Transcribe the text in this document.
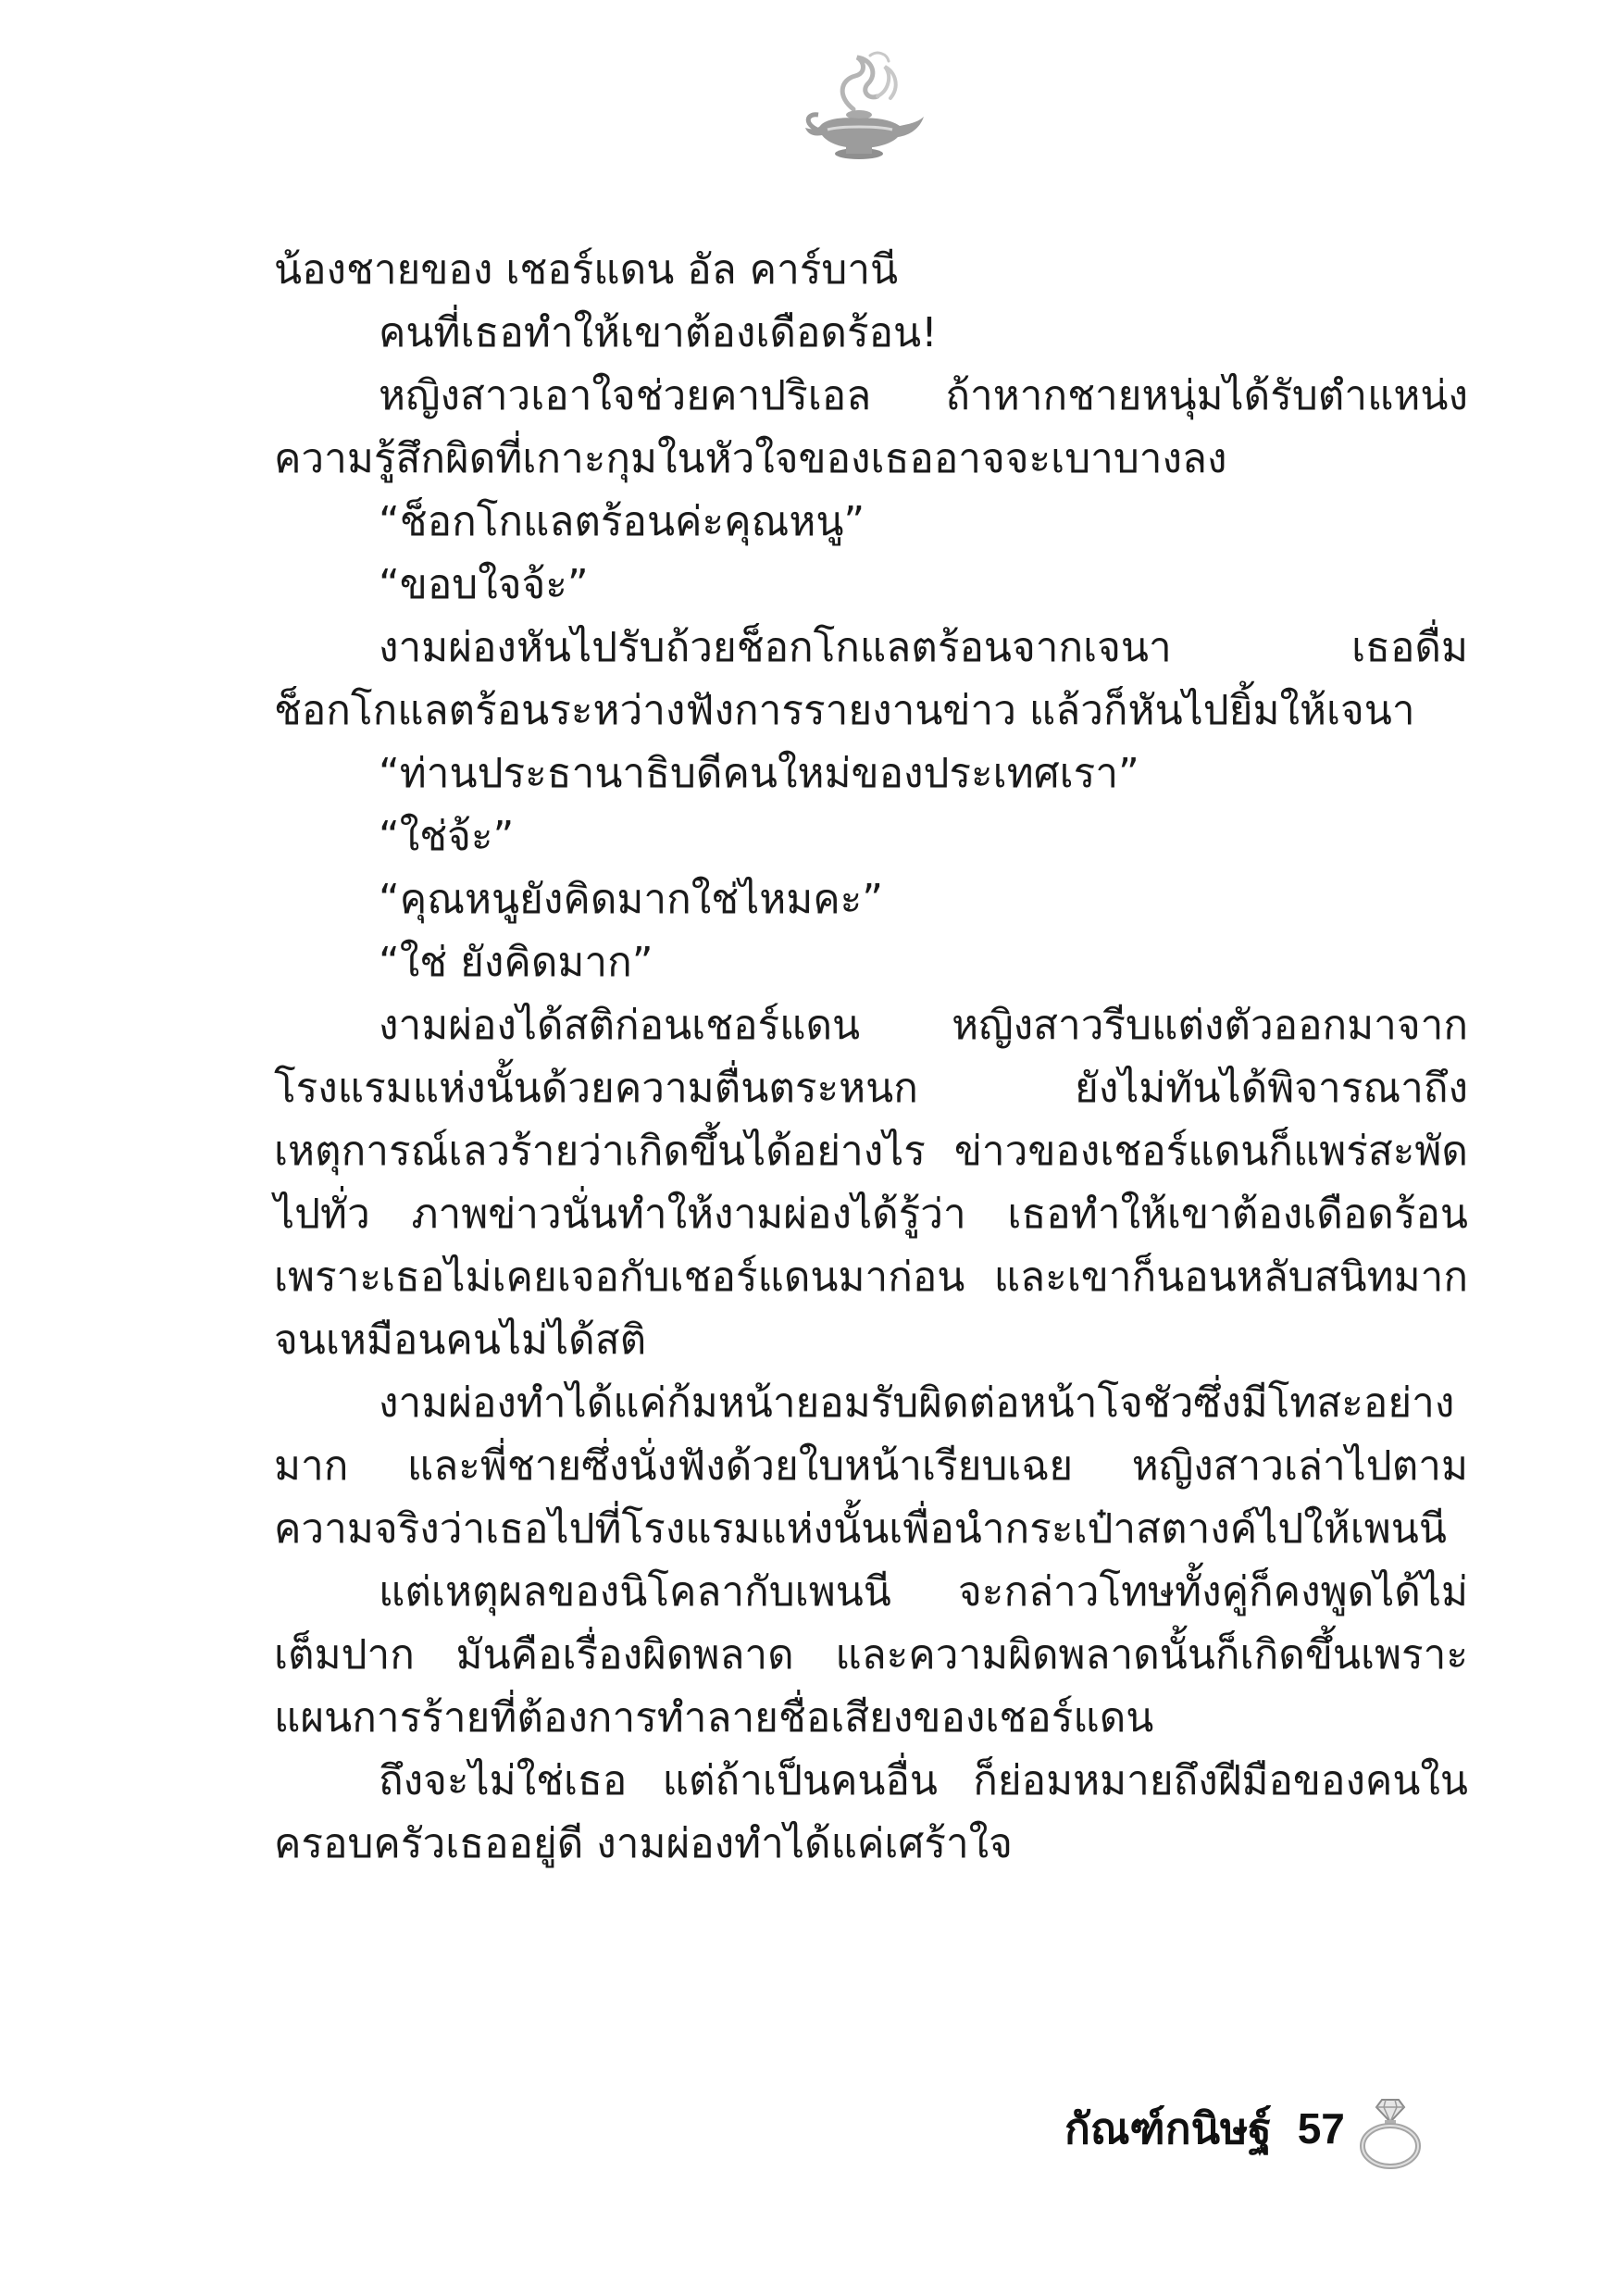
น้องชายของ เชอร์แดน อัล คาร์บานี

คนที่เธอทำให้เขาต้องเดือดร้อน!

หญิงสาวเอาใจช่วยคาปริเอล ถ้าหากชายหนุ่มได้รับตำแหน่ง ความรู้สึกผิดที่เกาะกุมในหัวใจของเธออาจจะเบาบางลง

“ช็อกโกแลตร้อนค่ะคุณหนู”

“ขอบใจจ้ะ”

งามผ่องหันไปรับถ้วยช็อกโกแลตร้อนจากเจนา เธอดื่มช็อกโกแลตร้อนระหว่างฟังการรายงานข่าว แล้วก็หันไปยิ้มให้เจนา

“ท่านประธานาธิบดีคนใหม่ของประเทศเรา”

“ใช่จ้ะ”

“คุณหนูยังคิดมากใช่ไหมคะ”

“ใช่ ยังคิดมาก”

งามผ่องได้สติก่อนเชอร์แดน หญิงสาวรีบแต่งตัวออกมาจากโรงแรมแห่งนั้นด้วยความตื่นตระหนก ยังไม่ทันได้พิจารณาถึงเหตุการณ์เลวร้ายว่าเกิดขึ้นได้อย่างไร ข่าวของเชอร์แดนก็แพร่สะพัดไปทั่ว ภาพข่าวนั่นทำให้งามผ่องได้รู้ว่า เธอทำให้เขาต้องเดือดร้อน เพราะเธอไม่เคยเจอกับเชอร์แดนมาก่อน และเขาก็นอนหลับสนิทมาก จนเหมือนคนไม่ได้สติ

งามผ่องทำได้แค่ก้มหน้ายอมรับผิดต่อหน้าโจชัวซึ่งมีโทสะอย่างมาก และพี่ชายซึ่งนั่งฟังด้วยใบหน้าเรียบเฉย หญิงสาวเล่าไปตามความจริงว่าเธอไปที่โรงแรมแห่งนั้นเพื่อนำกระเป๋าสตางค์ไปให้เพนนี

แต่เหตุผลของนิโคลากับเพนนี จะกล่าวโทษทั้งคู่ก็คงพูดได้ไม่เต็มปาก มันคือเรื่องผิดพลาด และความผิดพลาดนั้นก็เกิดขึ้นเพราะแผนการร้ายที่ต้องการทำลายชื่อเสียงของเชอร์แดน

ถึงจะไม่ใช่เธอ แต่ถ้าเป็นคนอื่น ก็ย่อมหมายถึงฝีมือของคนในครอบครัวเธออยู่ดี งามผ่องทำได้แค่เศร้าใจ

กัณฑ์กนิษฐ์ 57
